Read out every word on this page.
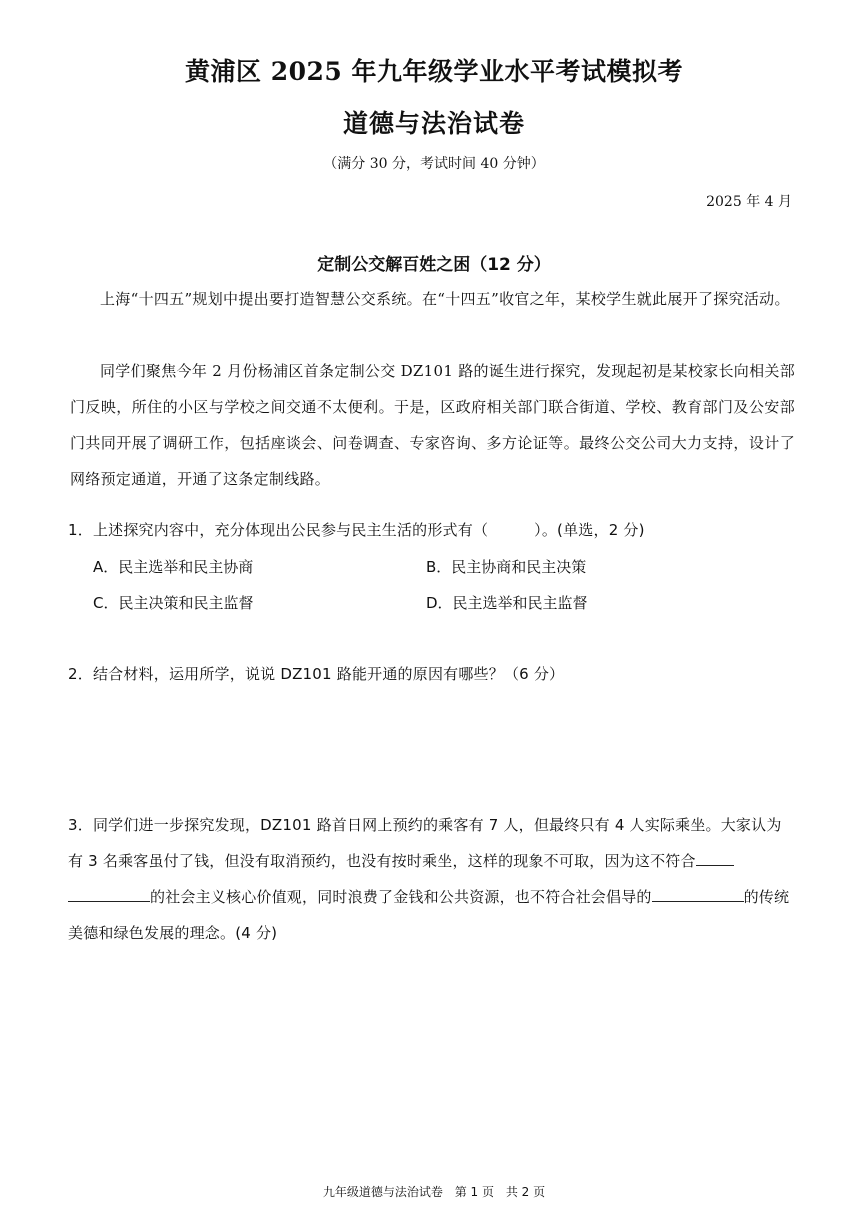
黄浦区 2025 年九年级学业水平考试模拟考
道德与法治试卷
（满分 30 分，考试时间 40 分钟）
2025 年 4 月
定制公交解百姓之困（12 分）
上海“十四五”规划中提出要打造智慧公交系统。在“十四五”收官之年，某校学生就此展开了探究活动。
同学们聚焦今年 2 月份杨浦区首条定制公交 DZ101 路的诞生进行探究，发现起初是某校家长向相关部门反映，所住的小区与学校之间交通不太便利。于是，区政府相关部门联合街道、学校、教育部门及公安部门共同开展了调研工作，包括座谈会、问卷调查、专家咨询、多方论证等。最终公交公司大力支持，设计了网络预定通道，开通了这条定制线路。
1．上述探究内容中，充分体现出公民参与民主生活的形式有（	）。(单选，2 分)
A．民主选举和民主协商	B．民主协商和民主决策
C．民主决策和民主监督	D．民主选举和民主监督
2．结合材料，运用所学，说说 DZ101 路能开通的原因有哪些？（6 分）
3．同学们进一步探究发现，DZ101 路首日网上预约的乘客有 7 人，但最终只有 4 人实际乘坐。大家认为有 3 名乘客虽付了钱，但没有取消预约，也没有按时乘坐，这样的现象不可取，因为这不符合
的社会主义核心价值观，同时浪费了金钱和公共资源，也不符合社会倡导的	的传统美德和绿色发展的理念。(4 分)
九年级道德与法治试卷 第 1 页 共 2 页
